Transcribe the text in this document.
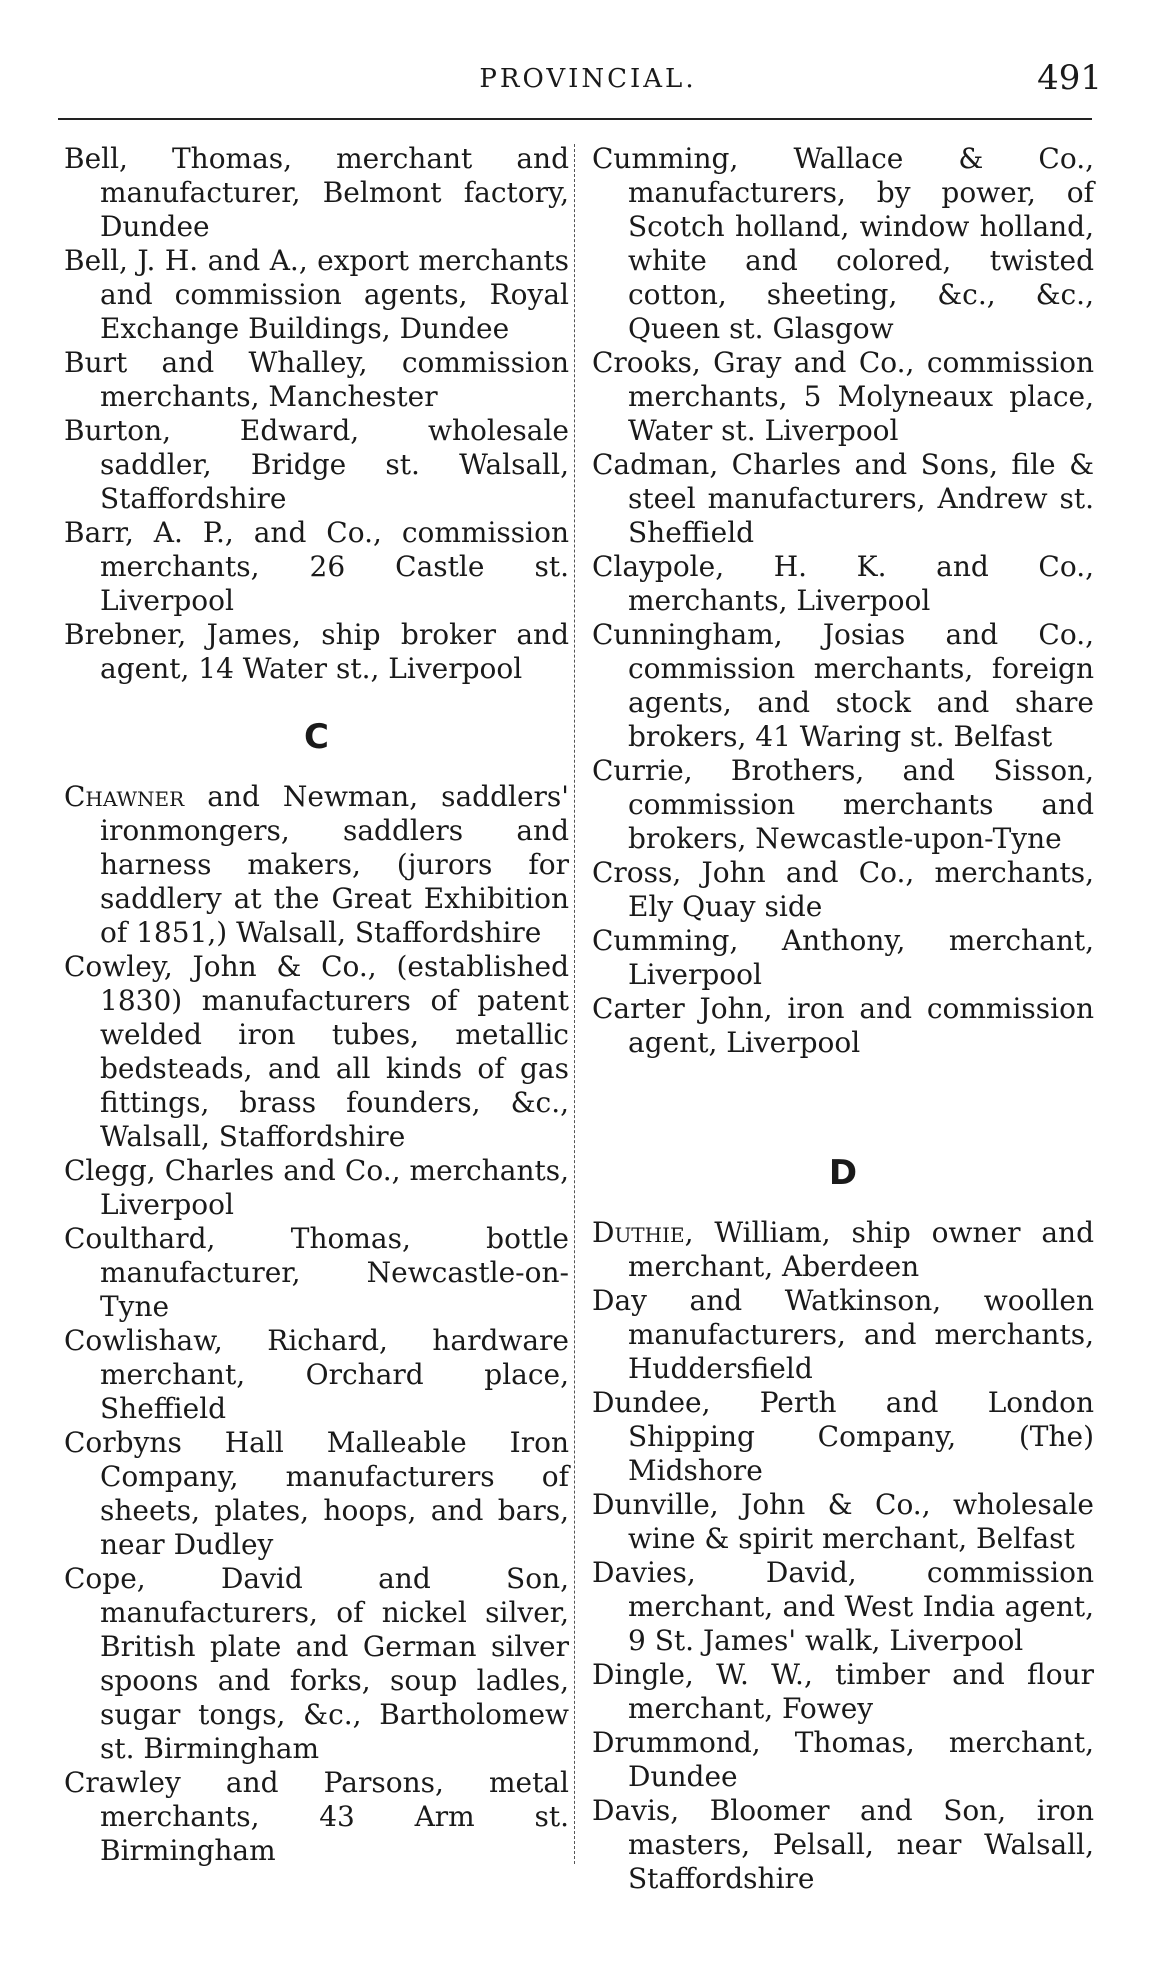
PROVINCIAL.	491

Bell, Thomas, merchant and manufacturer, Belmont factory, Dundee

Bell, J. H. and A., export merchants and commission agents, Royal Exchange Buildings, Dundee

Burt and Whalley, commission merchants, Manchester

Burton, Edward, wholesale saddler, Bridge st. Walsall, Staffordshire

Barr, A. P., and Co., commission merchants, 26 Castle st. Liverpool

Brebner, James, ship broker and agent, 14 Water st., Liverpool

C

Chawner and Newman, saddlers' ironmongers, saddlers and harness makers, (jurors for saddlery at the Great Exhibition of 1851,) Walsall, Staffordshire

Cowley, John & Co., (established 1830) manufacturers of patent welded iron tubes, metallic bedsteads, and all kinds of gas fittings, brass founders, &c., Walsall, Staffordshire

Clegg, Charles and Co., merchants, Liverpool

Coulthard, Thomas, bottle manufacturer, Newcastle-on-Tyne

Cowlishaw, Richard, hardware merchant, Orchard place, Sheffield

Corbyns Hall Malleable Iron Company, manufacturers of sheets, plates, hoops, and bars, near Dudley

Cope, David and Son, manufacturers, of nickel silver, British plate and German silver spoons and forks, soup ladles, sugar tongs, &c., Bartholomew st. Birmingham

Crawley and Parsons, metal merchants, 43 Arm st. Birmingham

Cumming, Wallace & Co., manufacturers, by power, of Scotch holland, window holland, white and colored, twisted cotton, sheeting, &c., &c., Queen st. Glasgow

Crooks, Gray and Co., commission merchants, 5 Molyneaux place, Water st. Liverpool

Cadman, Charles and Sons, file & steel manufacturers, Andrew st. Sheffield

Claypole, H. K. and Co., merchants, Liverpool

Cunningham, Josias and Co., commission merchants, foreign agents, and stock and share brokers, 41 Waring st. Belfast

Currie, Brothers, and Sisson, commission merchants and brokers, Newcastle-upon-Tyne

Cross, John and Co., merchants, Ely Quay side

Cumming, Anthony, merchant, Liverpool

Carter John, iron and commission agent, Liverpool

D

Duthie, William, ship owner and merchant, Aberdeen

Day and Watkinson, woollen manufacturers, and merchants, Huddersfield

Dundee, Perth and London Shipping Company, (The) Midshore

Dunville, John & Co., wholesale wine & spirit merchant, Belfast

Davies, David, commission merchant, and West India agent, 9 St. James' walk, Liverpool

Dingle, W. W., timber and flour merchant, Fowey

Drummond, Thomas, merchant, Dundee

Davis, Bloomer and Son, iron masters, Pelsall, near Walsall, Staffordshire
